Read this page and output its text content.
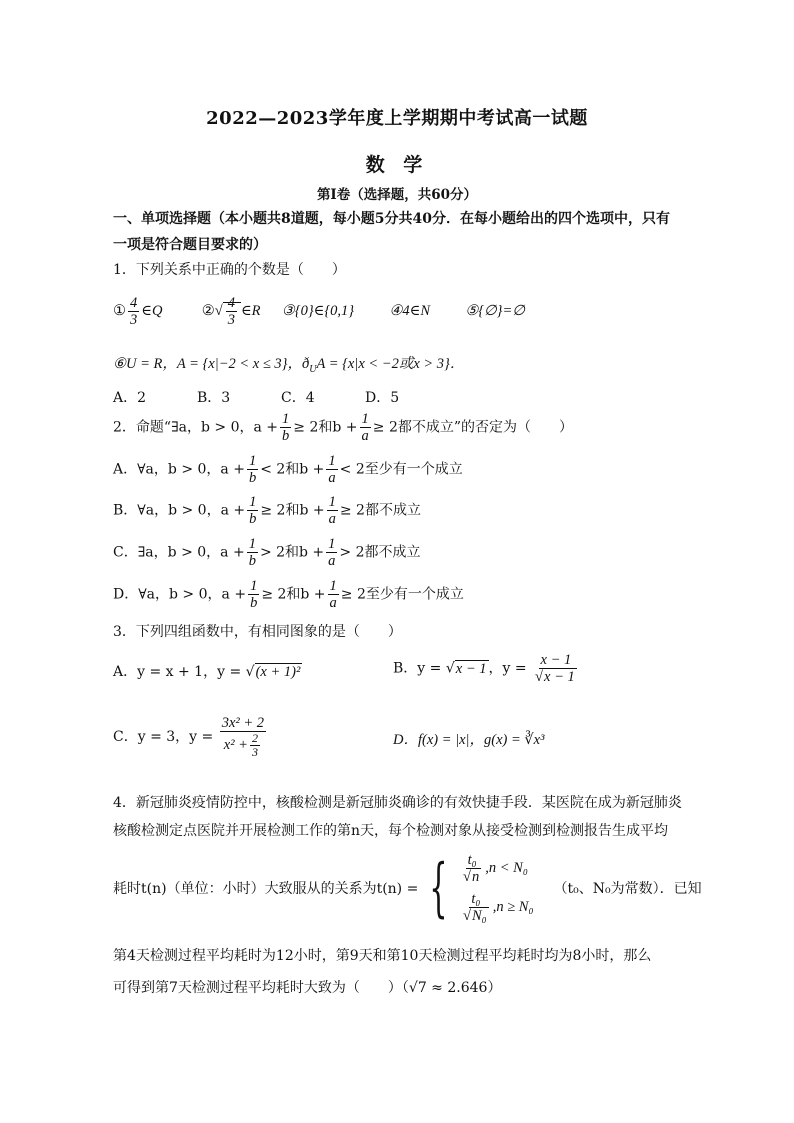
2022—2023学年度上学期期中考试高一试题
数 学
第Ⅰ卷（选择题，共60分）
一、单项选择题（本小题共8道题，每小题5分共40分．在每小题给出的四个选项中，只有一项是符合题目要求的）
1．下列关系中正确的个数是（　　）
① $\frac{4}{3}$ ∈Q	②√ $\frac{4}{3}$ ∈R ③{0}∈{0,1} ④4∈N ⑤{∅}=∅
⑥U = R，A = {x|−2 < x ≤ 3}，$ð_UA = \{x|x < -2$或x > 3}．
A．2	B．3	C．4	D．5
2．命题“∃a，b > 0，$a + \frac{1}{b} \ge 2$和$b + \frac{1}{a} \ge 2$都不成立”的否定为（　　）
A．∀a，b > 0，$a + \frac{1}{b} < 2$和$b + \frac{1}{a} < 2$至少有一个成立
B．∀a，b > 0，$a + \frac{1}{b} \ge 2$和$b + \frac{1}{a} \ge 2$都不成立
C．∃a，b > 0，$a + \frac{1}{b} > 2$和$b + \frac{1}{a} > 2$都不成立
D．∀a，b > 0，$a + \frac{1}{b} \ge 2$和$b + \frac{1}{a} \ge 2$至少有一个成立
3．下列四组函数中，有相同图象的是（　　）
A．y = x + 1，y = √(x + 1)²	B．y = √x − 1 ，$y = \frac{x - 1}{√x - 1}$
C．y = 3，$y = \frac{\text{3x² + 2}}{x^2 + \frac{2}{3}}$	D．f(x) = |x|，g(x) = ∛x³
4．新冠肺炎疫情防控中，核酸检测是新冠肺炎确诊的有效快捷手段．某医院在成为新冠肺炎
核酸检测定点医院并开展检测工作的第n天，每个检测对象从接受检测到检测报告生成平均
耗时t(n)（单位：小时）大致服从的关系为t(n) = { $\frac{\text{t₀}}{√n} ,n < N_0$
$\frac{\text{t₀}}{\text{√N₀}} ,n \ge N_0$
（t₀、N₀为常数）．已知
第4天检测过程平均耗时为12小时，第9天和第10天检测过程平均耗时均为8小时，那么
可得到第7天检测过程平均耗时大致为（　　）（√7 ≈ 2.646）
